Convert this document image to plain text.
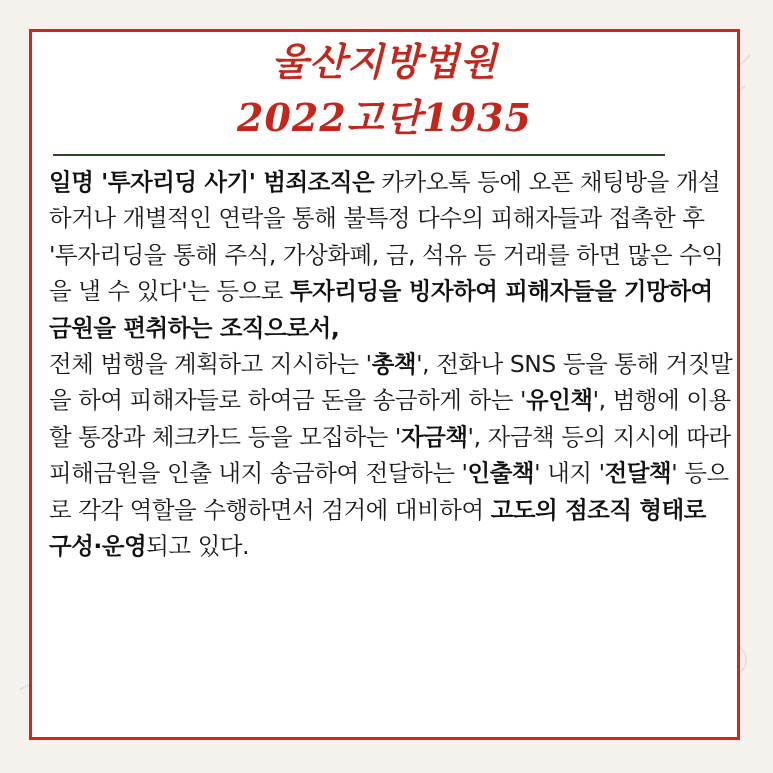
울산지방법원
2022고단1935

일명 '투자리딩 사기' 범죄조직은 카카오톡 등에 오픈 채팅방을 개설하거나 개별적인 연락을 통해 불특정 다수의 피해자들과 접촉한 후 '투자리딩을 통해 주식, 가상화폐, 금, 석유 등 거래를 하면 많은 수익을 낼 수 있다'는 등으로 투자리딩을 빙자하여 피해자들을 기망하여 금원을 편취하는 조직으로서,

전체 범행을 계획하고 지시하는 '총책', 전화나 SNS 등을 통해 거짓말을 하여 피해자들로 하여금 돈을 송금하게 하는 '유인책', 범행에 이용할 통장과 체크카드 등을 모집하는 '자금책', 자금책 등의 지시에 따라 피해금원을 인출 내지 송금하여 전달하는 '인출책' 내지 '전달책' 등으로 각각 역할을 수행하면서 검거에 대비하여 고도의 점조직 형태로 구성·운영되고 있다.
